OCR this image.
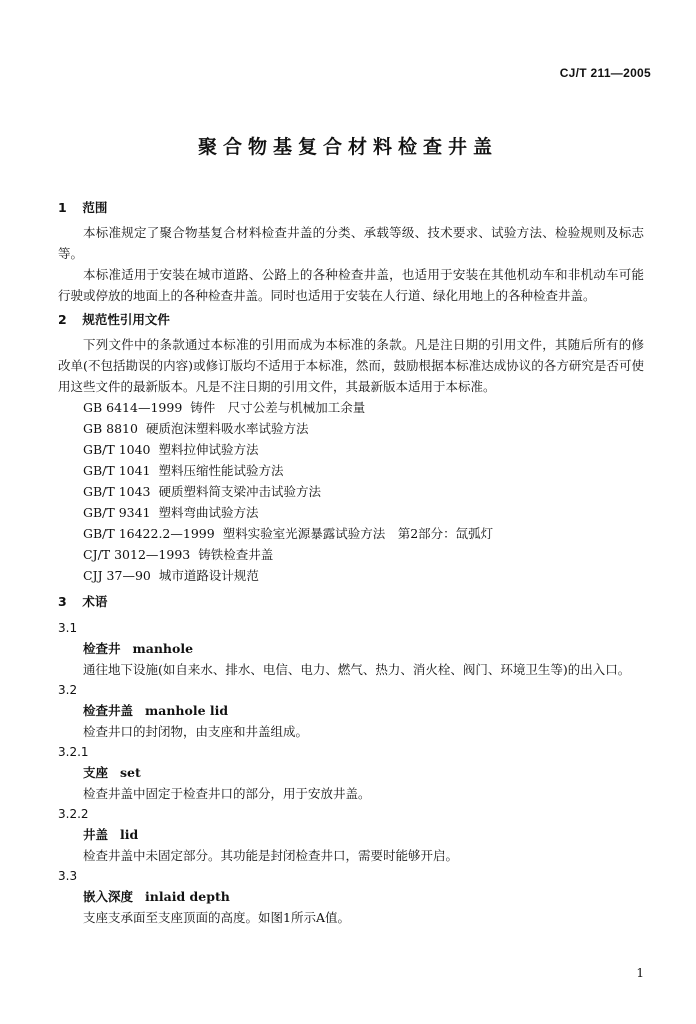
CJ/T 211—2005
聚合物基复合材料检查井盖
1 范围

本标准规定了聚合物基复合材料检查井盖的分类、承载等级、技术要求、试验方法、检验规则及标志等。

本标准适用于安装在城市道路、公路上的各种检查井盖，也适用于安装在其他机动车和非机动车可能行驶或停放的地面上的各种检查井盖。同时也适用于安装在人行道、绿化用地上的各种检查井盖。

2 规范性引用文件

下列文件中的条款通过本标准的引用而成为本标准的条款。凡是注日期的引用文件，其随后所有的修改单(不包括勘误的内容)或修订版均不适用于本标准，然而，鼓励根据本标准达成协议的各方研究是否可使用这些文件的最新版本。凡是不注日期的引用文件，其最新版本适用于本标准。

GB 6414—1999 铸件　尺寸公差与机械加工余量
GB 8810 硬质泡沫塑料吸水率试验方法
GB/T 1040 塑料拉伸试验方法
GB/T 1041 塑料压缩性能试验方法
GB/T 1043 硬质塑料简支梁冲击试验方法
GB/T 9341 塑料弯曲试验方法
GB/T 16422.2—1999 塑料实验室光源暴露试验方法　第2部分：氙弧灯
CJ/T 3012—1993 铸铁检查井盖
CJJ 37—90 城市道路设计规范
3 术语
3.1
检查井 manhole
通往地下设施(如自来水、排水、电信、电力、燃气、热力、消火栓、阀门、环境卫生等)的出入口。
3.2
检查井盖 manhole lid
检查井口的封闭物，由支座和井盖组成。
3.2.1
支座 set
检查井盖中固定于检查井口的部分，用于安放井盖。
3.2.2
井盖 lid
检查井盖中未固定部分。其功能是封闭检查井口，需要时能够开启。
3.3
嵌入深度 inlaid depth
支座支承面至支座顶面的高度。如图1所示A值。
1
